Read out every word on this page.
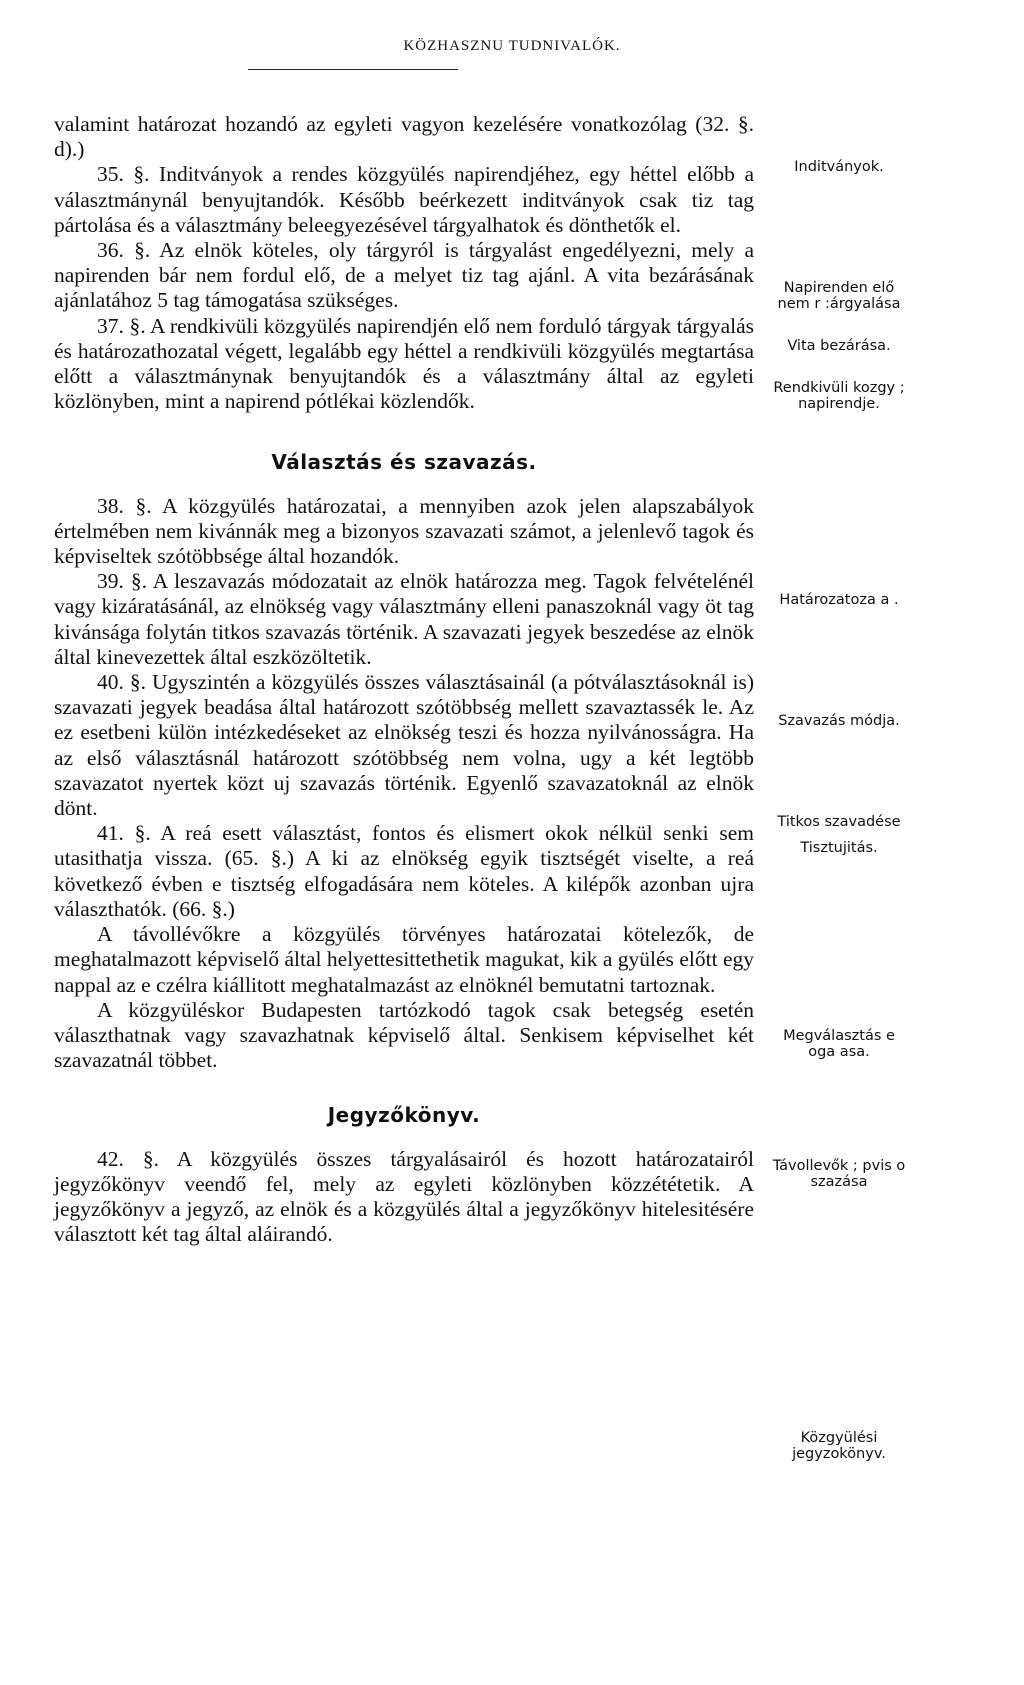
KÖZHASZNU TUDNIVALÓK.

valamint határozat hozandó az egyleti vagyon kezelésére vonatkozólag (32. §. d).)

35. §. Inditványok a rendes közgyülés napirendjéhez, egy héttel előbb a választmánynál benyujtandók. Később beérkezett inditványok csak tiz tag pártolása és a választmány beleegyezésével tárgyalhatok és dönthetők el.

36. §. Az elnök köteles, oly tárgyról is tárgyalást engedélyezni, mely a napirenden bár nem fordul elő, de a melyet tiz tag ajánl. A vita bezárásának ajánlatához 5 tag támogatása szükséges.

37. §. A rendkivüli közgyülés napirendjén elő nem forduló tárgyak tárgyalás és határozathozatal végett, legalább egy héttel a rendkivüli közgyülés megtartása előtt a választmánynak benyujtandók és a választmány által az egyleti közlönyben, mint a napirend pótlékai közlendők.

Választás és szavazás.

38. §. A közgyülés határozatai, a mennyiben azok jelen alapszabályok értelmében nem kivánnák meg a bizonyos szavazati számot, a jelenlevő tagok és képviseltek szótöbbsége által hozandók.

39. §. A leszavazás módozatait az elnök határozza meg. Tagok felvételénél vagy kizáratásánál, az elnökség vagy választmány elleni panaszoknál vagy öt tag kivánsága folytán titkos szavazás történik. A szavazati jegyek beszedése az elnök által kinevezettek által eszközöltetik.

40. §. Ugyszintén a közgyülés összes választásainál (a pótválasztásoknál is) szavazati jegyek beadása által határozott szótöbbség mellett szavaztassék le. Az ez esetbeni külön intézkedéseket az elnökség teszi és hozza nyilvánosságra. Ha az első választásnál határozott szótöbbség nem volna, ugy a két legtöbb szavazatot nyertek közt uj szavazás történik. Egyenlő szavazatoknál az elnök dönt.

41. §. A reá esett választást, fontos és elismert okok nélkül senki sem utasithatja vissza. (65. §.) A ki az elnökség egyik tisztségét viselte, a reá következő évben e tisztség elfogadására nem köteles. A kilépők azonban ujra választhatók. (66. §.)

A távollévőkre a közgyülés törvényes határozatai kötelezők, de meghatalmazott képviselő által helyettesittethetik magukat, kik a gyülés előtt egy nappal az e czélra kiállitott meghatalmazást az elnöknél bemutatni tartoznak.

A közgyüléskor Budapesten tartózkodó tagok csak betegség esetén választhatnak vagy szavazhatnak képviselő által. Senkisem képviselhet két szavazatnál többet.

Jegyzőkönyv.

42. §. A közgyülés összes tárgyalásairól és hozott határozatairól jegyzőkönyv veendő fel, mely az egyleti közlönyben közzététetik. A jegyzőkönyv a jegyző, az elnök és a közgyülés által a jegyzőkönyv hitelesitésére választott két tag által aláirandó.

Inditványok.
Napirenden elő nem r :árgyalása
Vita bezárása.
Rendkivüli kozgy ; napirendje.
Határozatoza a .
Szavazás módja.
Titkos szavadése
Tisztujitás.
Megválasztás e oga asa.
Távollevők ; pvis o szazása
Közgyülési jegyzokönyv.
